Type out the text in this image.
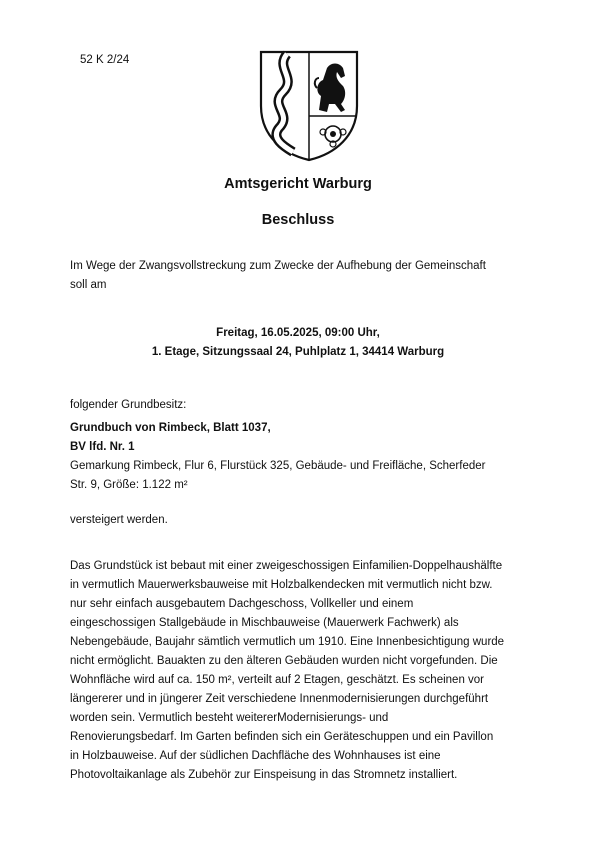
52 K 2/24
Amtsgericht Warburg
Beschluss
Im Wege der Zwangsvollstreckung zum Zwecke der Aufhebung der Gemeinschaft
soll am
Freitag, 16.05.2025, 09:00 Uhr,
1. Etage, Sitzungssaal 24, Puhlplatz 1, 34414 Warburg
folgender Grundbesitz:
Grundbuch von Rimbeck, Blatt 1037,
BV lfd. Nr. 1
Gemarkung Rimbeck, Flur 6, Flurstück 325, Gebäude- und Freifläche, Scherfeder
Str. 9, Größe: 1.122 m²
versteigert werden.
Das Grundstück ist bebaut mit einer zweigeschossigen Einfamilien-Doppelhaushälfte
in vermutlich Mauerwerksbauweise mit Holzbalkendecken mit vermutlich nicht bzw.
nur sehr einfach ausgebautem Dachgeschoss, Vollkeller und einem
eingeschossigen Stallgebäude in Mischbauweise (Mauerwerk Fachwerk) als
Nebengebäude, Baujahr sämtlich vermutlich um 1910. Eine Innenbesichtigung wurde
nicht ermöglicht. Bauakten zu den älteren Gebäuden wurden nicht vorgefunden. Die
Wohnfläche wird auf ca. 150 m², verteilt auf 2 Etagen, geschätzt. Es scheinen vor
längererer und in jüngerer Zeit verschiedene Innenmodernisierungen durchgeführt
worden sein. Vermutlich besteht weitererModernisierungs- und
Renovierungsbedarf. Im Garten befinden sich ein Geräteschuppen und ein Pavillon
in Holzbauweise. Auf der südlichen Dachfläche des Wohnhauses ist eine
Photovoltaikanlage als Zubehör zur Einspeisung in das Stromnetz installiert.
